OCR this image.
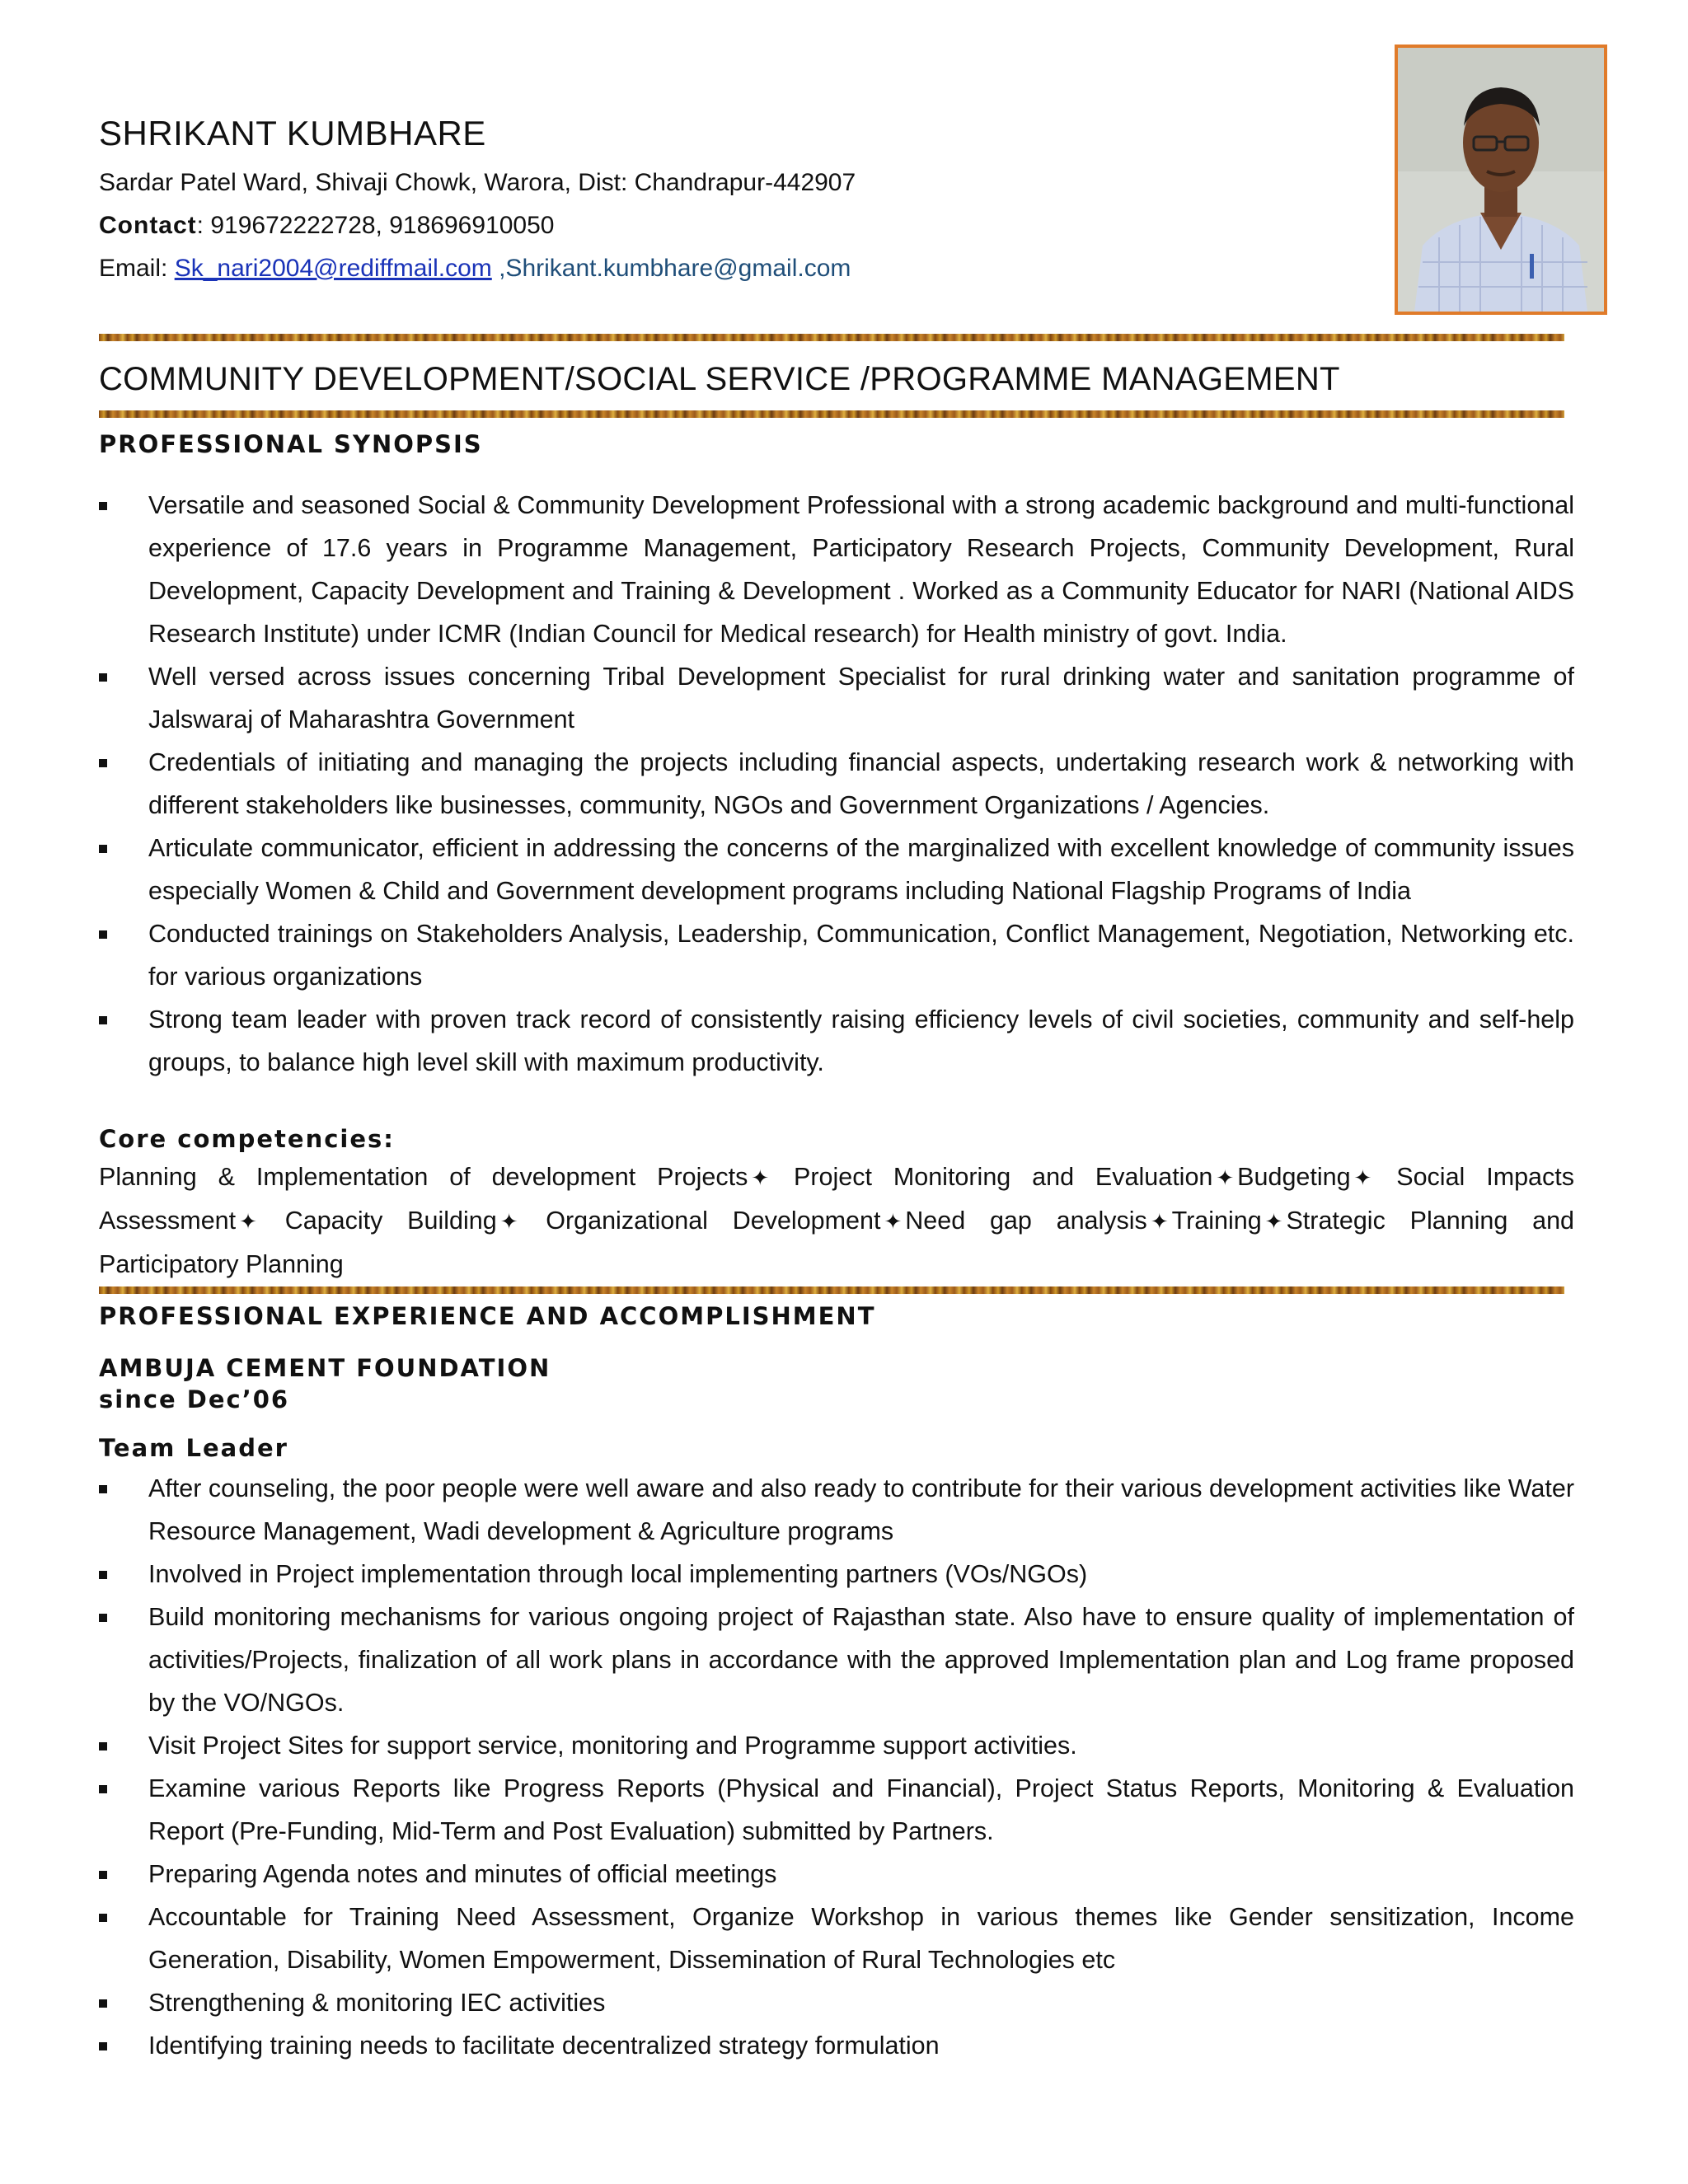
SHRIKANT KUMBHARE
Sardar Patel Ward, Shivaji Chowk, Warora, Dist: Chandrapur-442907
Contact: 919672222728, 918696910050
Email: Sk_nari2004@rediffmail.com ,Shrikant.kumbhare@gmail.com
COMMUNITY DEVELOPMENT/SOCIAL SERVICE /PROGRAMME MANAGEMENT
PROFESSIONAL SYNOPSIS
Versatile and seasoned Social & Community Development Professional with a strong academic background and multi-functional experience of 17.6 years in Programme Management, Participatory Research Projects, Community Development, Rural Development, Capacity Development and Training & Development . Worked as a Community Educator for NARI (National AIDS Research Institute) under ICMR (Indian Council for Medical research) for Health ministry of govt. India.
Well versed across issues concerning Tribal Development Specialist for rural drinking water and sanitation programme of Jalswaraj of Maharashtra Government
Credentials of initiating and managing the projects including financial aspects, undertaking research work & networking with different stakeholders like businesses, community, NGOs and Government Organizations / Agencies.
Articulate communicator, efficient in addressing the concerns of the marginalized with excellent knowledge of community issues especially Women & Child and Government development programs including National Flagship Programs of India
Conducted trainings on Stakeholders Analysis, Leadership, Communication, Conflict Management, Negotiation, Networking etc. for various organizations
Strong team leader with proven track record of consistently raising efficiency levels of civil societies, community and self-help groups, to balance high level skill with maximum productivity.
Core competencies:
Planning & Implementation of development Projects ✦ Project Monitoring and Evaluation ✦ Budgeting ✦ Social Impacts Assessment ✦ Capacity Building ✦ Organizational Development ✦ Need gap analysis ✦ Training ✦ Strategic Planning and Participatory Planning
PROFESSIONAL EXPERIENCE AND ACCOMPLISHMENT
AMBUJA CEMENT FOUNDATION
since Dec’06
Team Leader
After counseling, the poor people were well aware and also ready to contribute for their various development activities like Water Resource Management, Wadi development & Agriculture programs
Involved in Project implementation through local implementing partners (VOs/NGOs)
Build monitoring mechanisms for various ongoing project of Rajasthan state. Also have to ensure quality of implementation of activities/Projects, finalization of all work plans in accordance with the approved Implementation plan and Log frame proposed by the VO/NGOs.
Visit Project Sites for support service, monitoring and Programme support activities.
Examine various Reports like Progress Reports (Physical and Financial), Project Status Reports, Monitoring & Evaluation Report (Pre-Funding, Mid-Term and Post Evaluation) submitted by Partners.
Preparing Agenda notes and minutes of official meetings
Accountable for Training Need Assessment, Organize Workshop in various themes like Gender sensitization, Income Generation, Disability, Women Empowerment, Dissemination of Rural Technologies etc
Strengthening & monitoring IEC activities
Identifying training needs to facilitate decentralized strategy formulation
